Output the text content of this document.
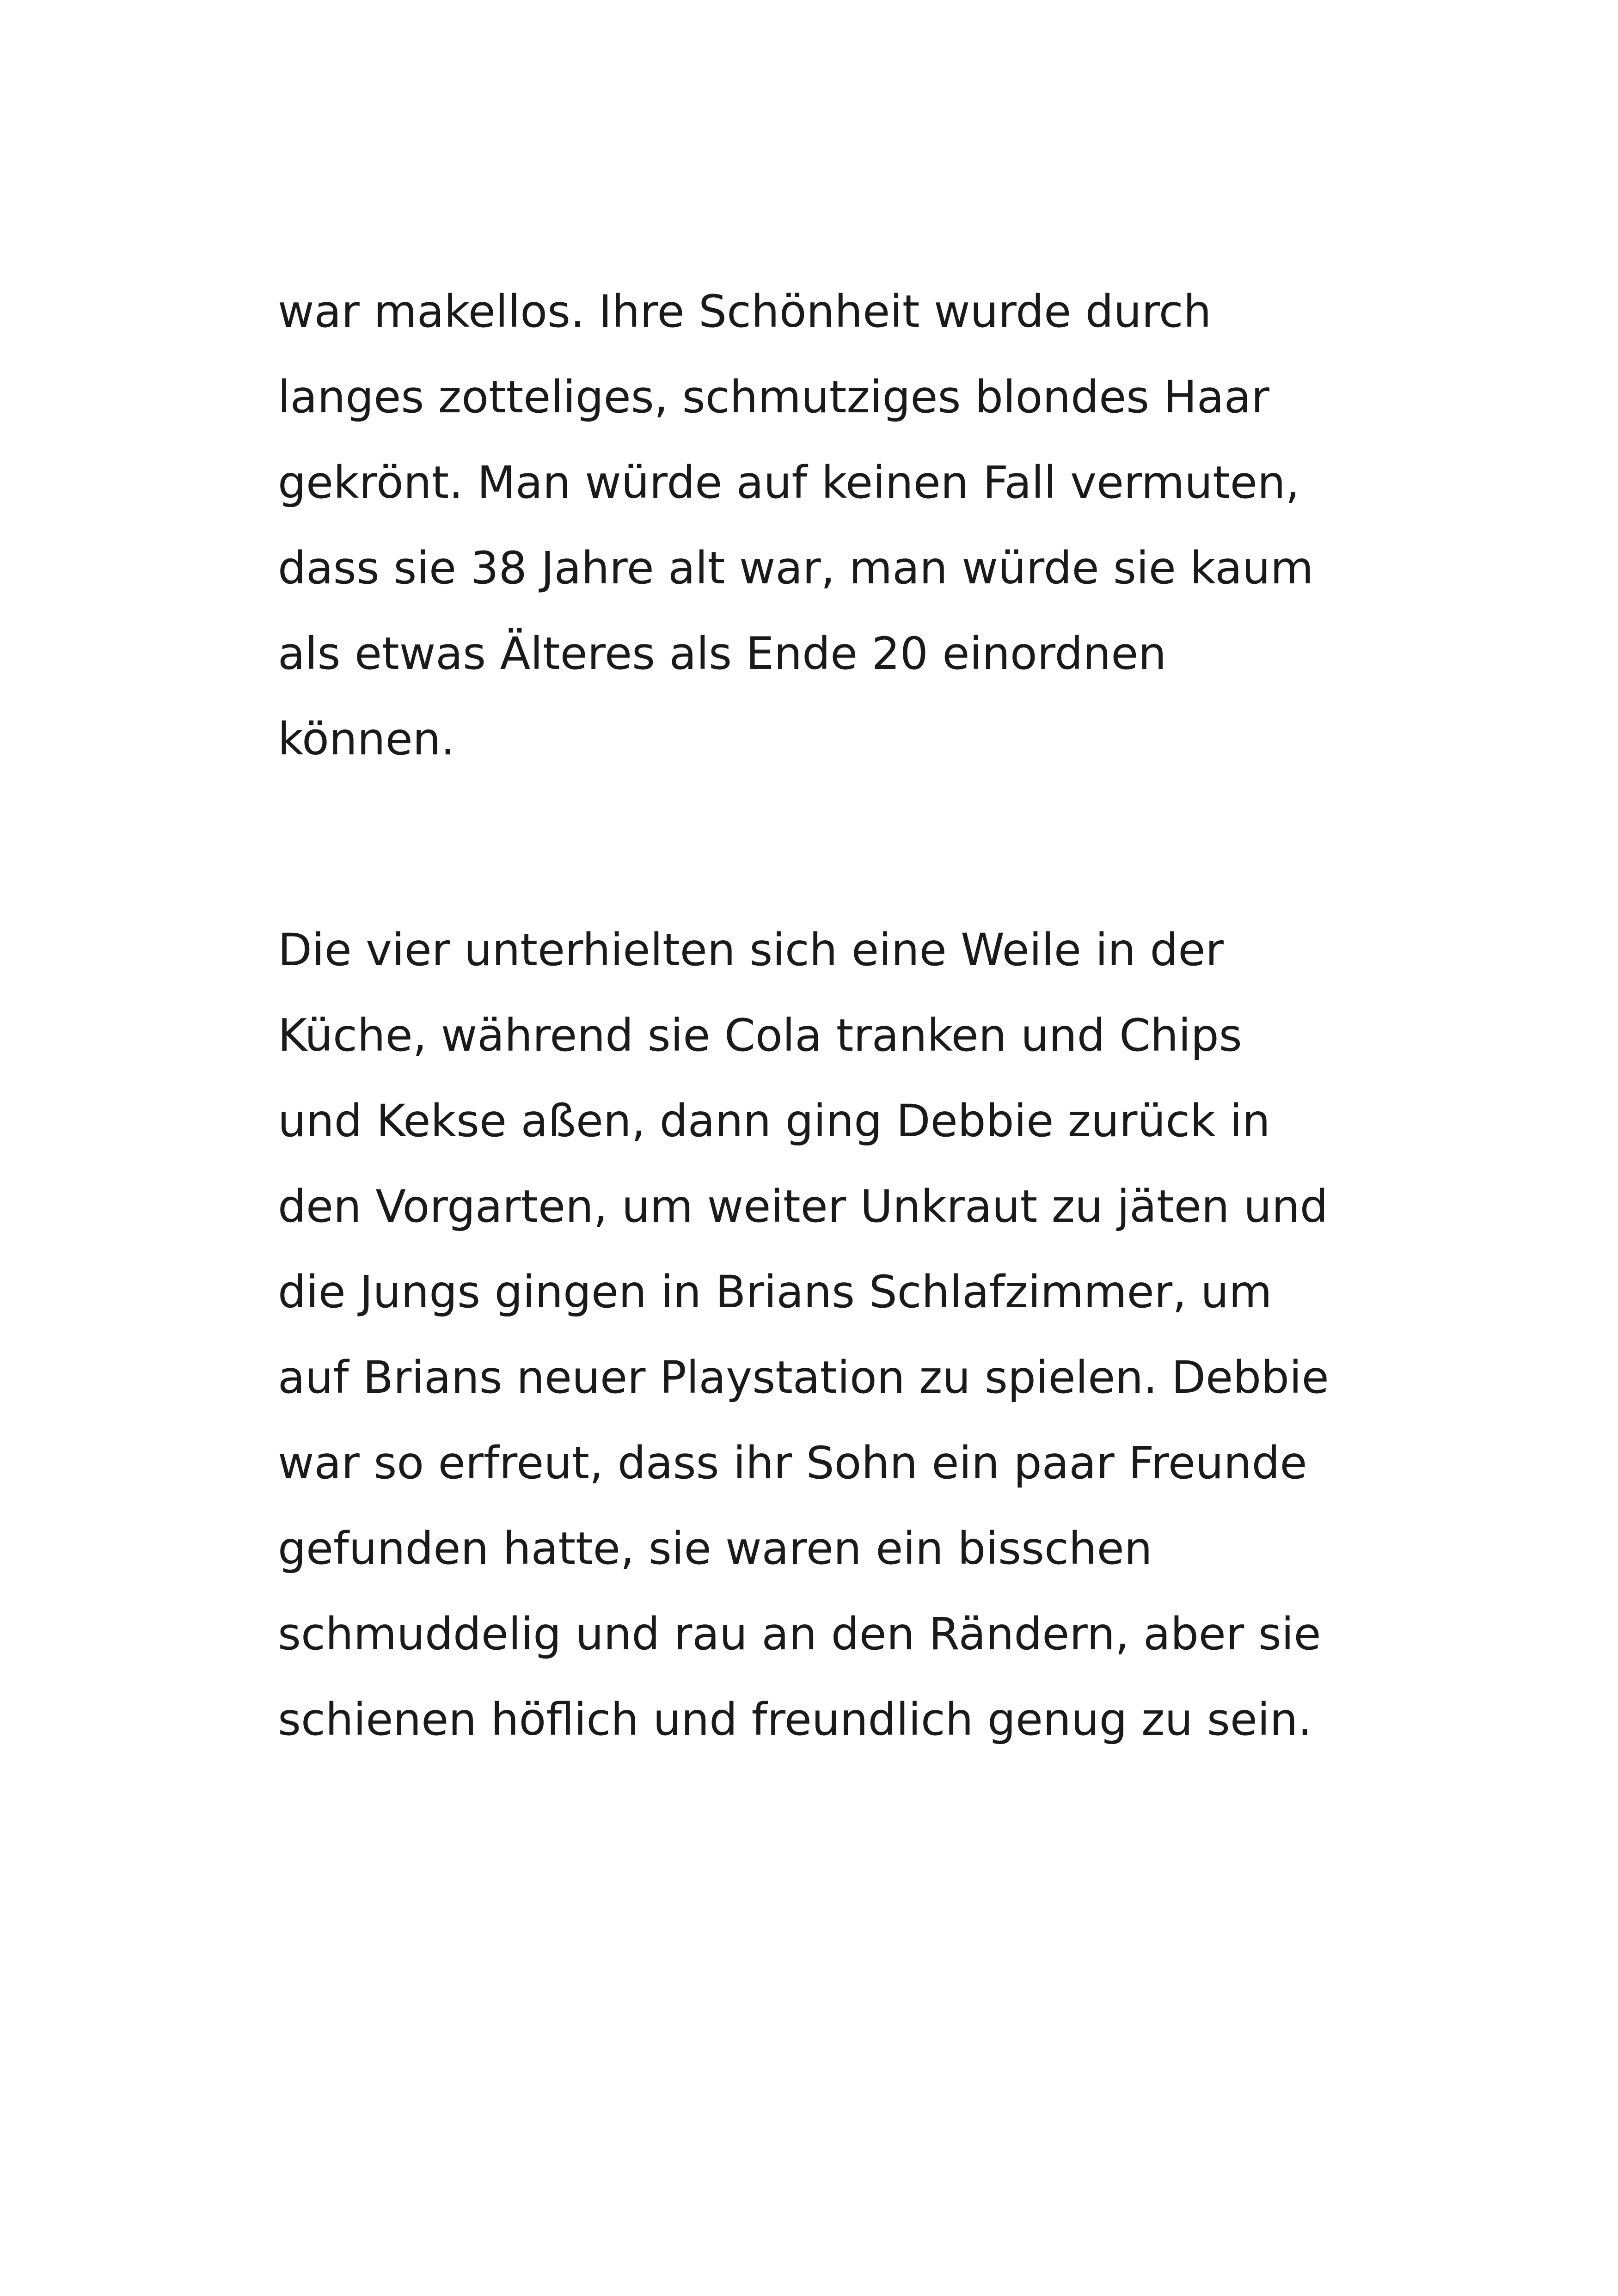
war makellos. Ihre Schönheit wurde durch
langes zotteliges, schmutziges blondes Haar
gekrönt. Man würde auf keinen Fall vermuten,
dass sie 38 Jahre alt war, man würde sie kaum
als etwas Älteres als Ende 20 einordnen
können.
Die vier unterhielten sich eine Weile in der
Küche, während sie Cola tranken und Chips
und Kekse aßen, dann ging Debbie zurück in
den Vorgarten, um weiter Unkraut zu jäten und
die Jungs gingen in Brians Schlafzimmer, um
auf Brians neuer Playstation zu spielen. Debbie
war so erfreut, dass ihr Sohn ein paar Freunde
gefunden hatte, sie waren ein bisschen
schmuddelig und rau an den Rändern, aber sie
schienen höflich und freundlich genug zu sein.
